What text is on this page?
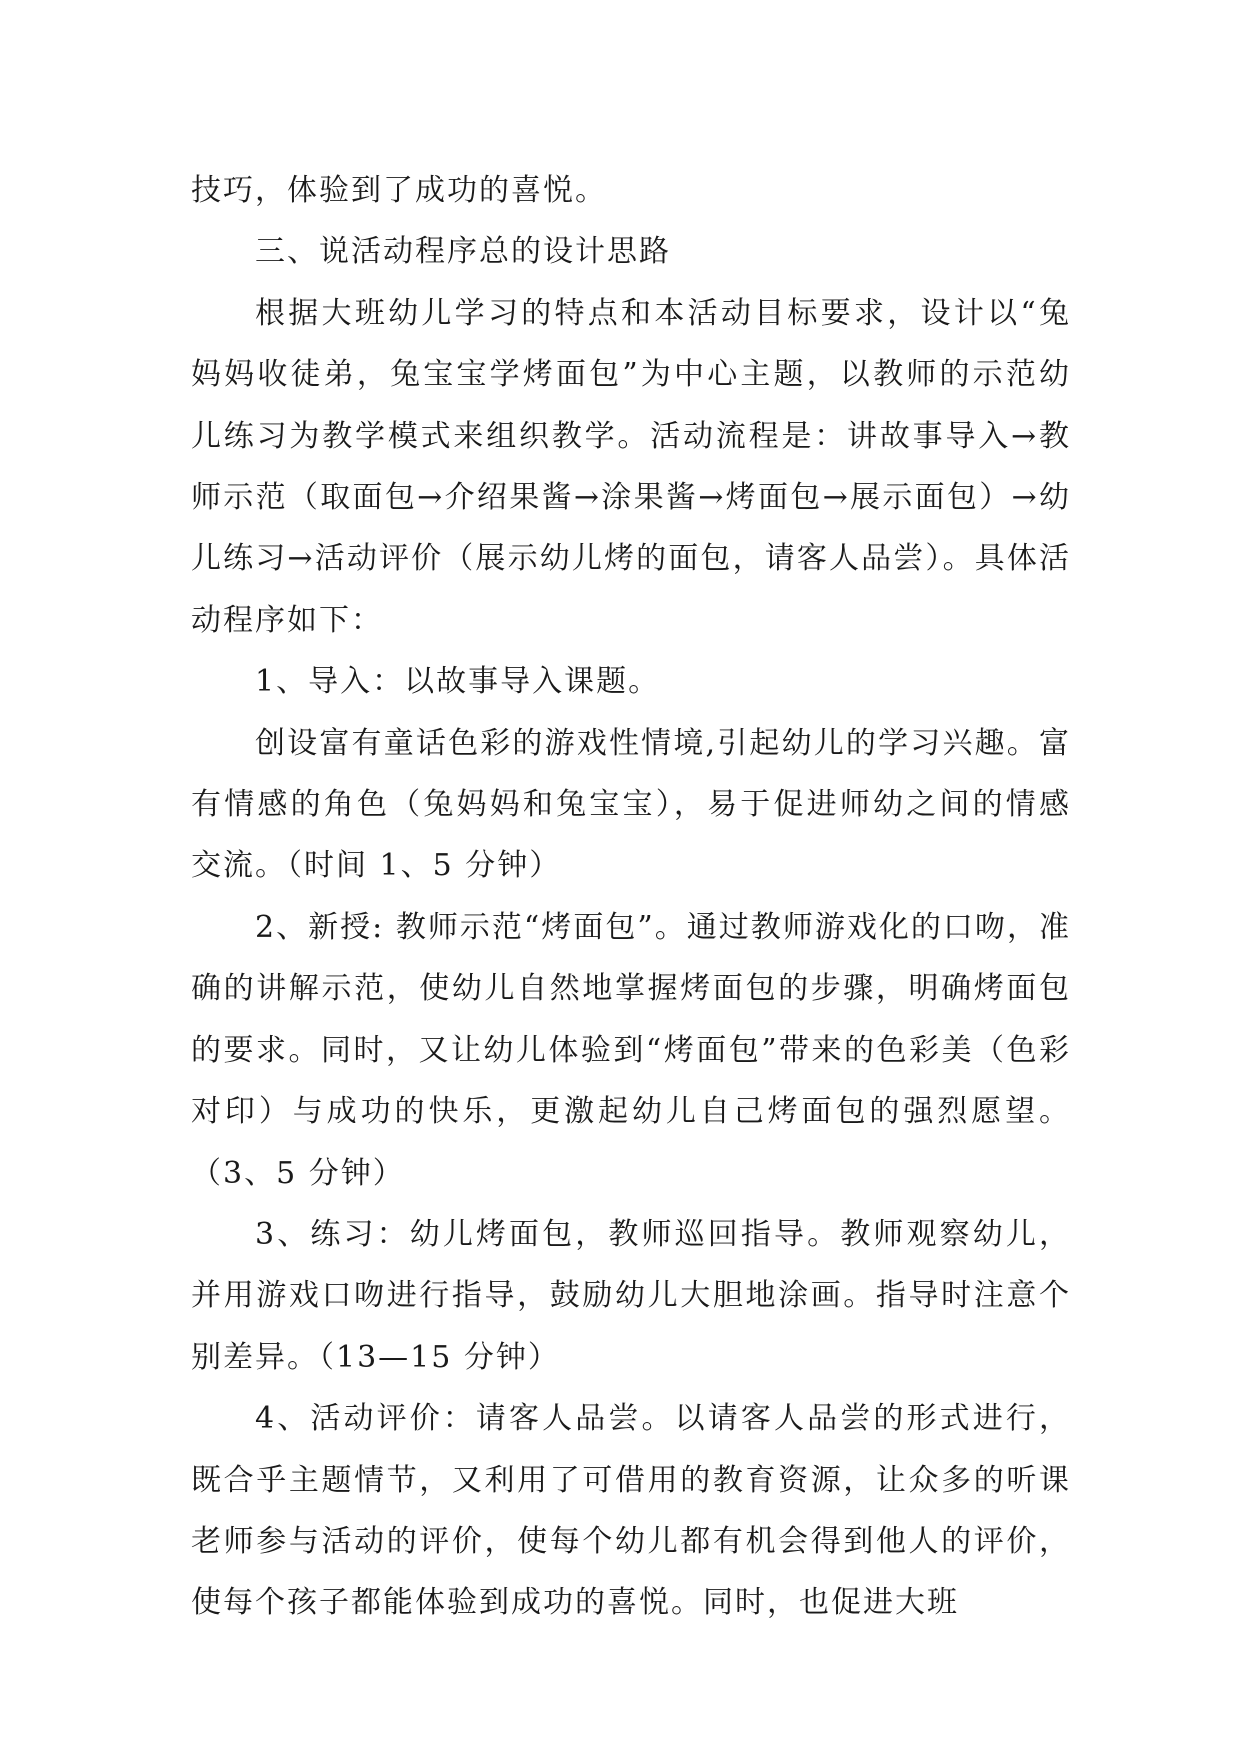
技巧，体验到了成功的喜悦。

三、说活动程序总的设计思路

根据大班幼儿学习的特点和本活动目标要求，设计以“兔妈妈收徒弟，兔宝宝学烤面包”为中心主题，以教师的示范幼儿练习为教学模式来组织教学。活动流程是：讲故事导入→教师示范（取面包→介绍果酱→涂果酱→烤面包→展示面包）→幼儿练习→活动评价（展示幼儿烤的面包，请客人品尝）。具体活动程序如下：

1、导入：以故事导入课题。

创设富有童话色彩的游戏性情境,引起幼儿的学习兴趣。富有情感的角色（兔妈妈和兔宝宝），易于促进师幼之间的情感交流。（时间 1、5 分钟）

2、新授: 教师示范“烤面包”。通过教师游戏化的口吻，准确的讲解示范，使幼儿自然地掌握烤面包的步骤，明确烤面包的要求。同时，又让幼儿体验到“烤面包”带来的色彩美（色彩对印）与成功的快乐，更激起幼儿自己烤面包的强烈愿望。（3、5 分钟）

3、练习：幼儿烤面包，教师巡回指导。教师观察幼儿，并用游戏口吻进行指导，鼓励幼儿大胆地涂画。指导时注意个别差异。（13—15 分钟）

4、活动评价：请客人品尝。以请客人品尝的形式进行，既合乎主题情节，又利用了可借用的教育资源，让众多的听课老师参与活动的评价，使每个幼儿都有机会得到他人的评价，使每个孩子都能体验到成功的喜悦。同时，也促进大班
